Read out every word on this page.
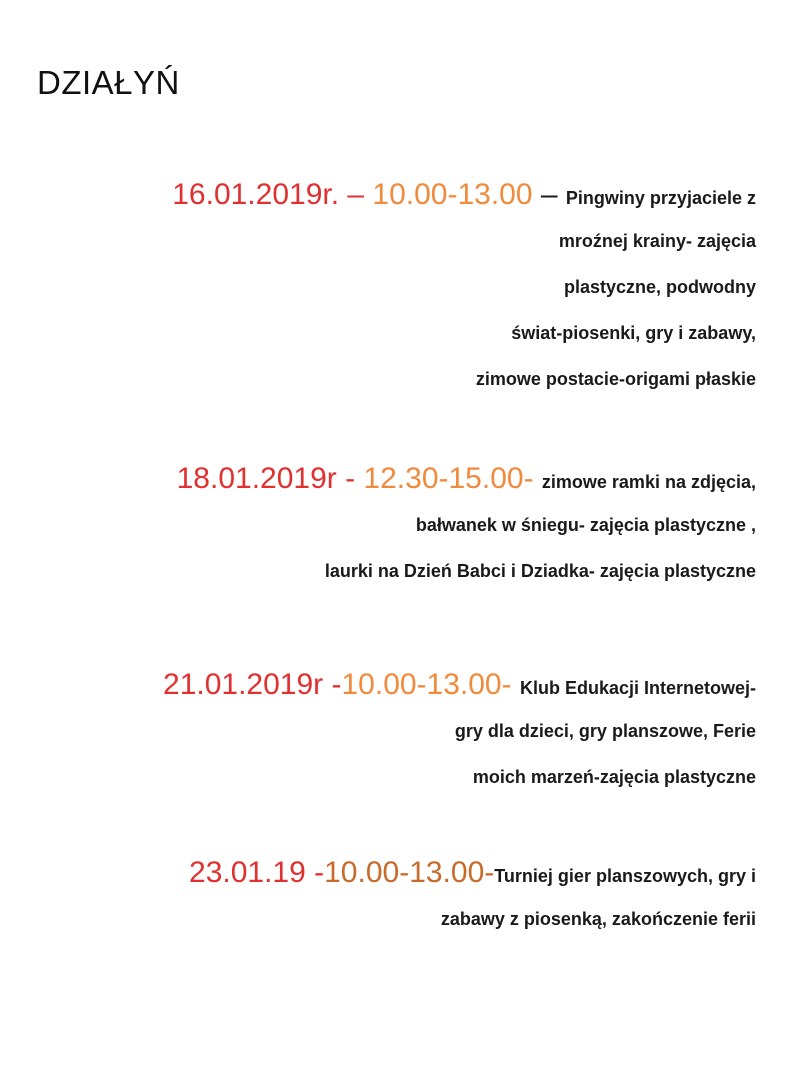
DZIAŁYŃ
16.01.2019r. – 10.00-13.00 – Pingwiny przyjaciele z
mroźnej krainy- zajęcia
plastyczne, podwodny
świat-piosenki, gry i zabawy,
zimowe postacie-origami płaskie
18.01.2019r - 12.30-15.00- zimowe ramki na zdjęcia,
bałwanek w śniegu- zajęcia plastyczne ,
laurki na Dzień Babci i Dziadka- zajęcia plastyczne
21.01.2019r -10.00-13.00- Klub Edukacji Internetowej-
gry dla dzieci, gry planszowe, Ferie
moich marzeń-zajęcia plastyczne
23.01.19 -10.00-13.00-Turniej gier planszowych, gry i
zabawy z piosenką, zakończenie ferii
